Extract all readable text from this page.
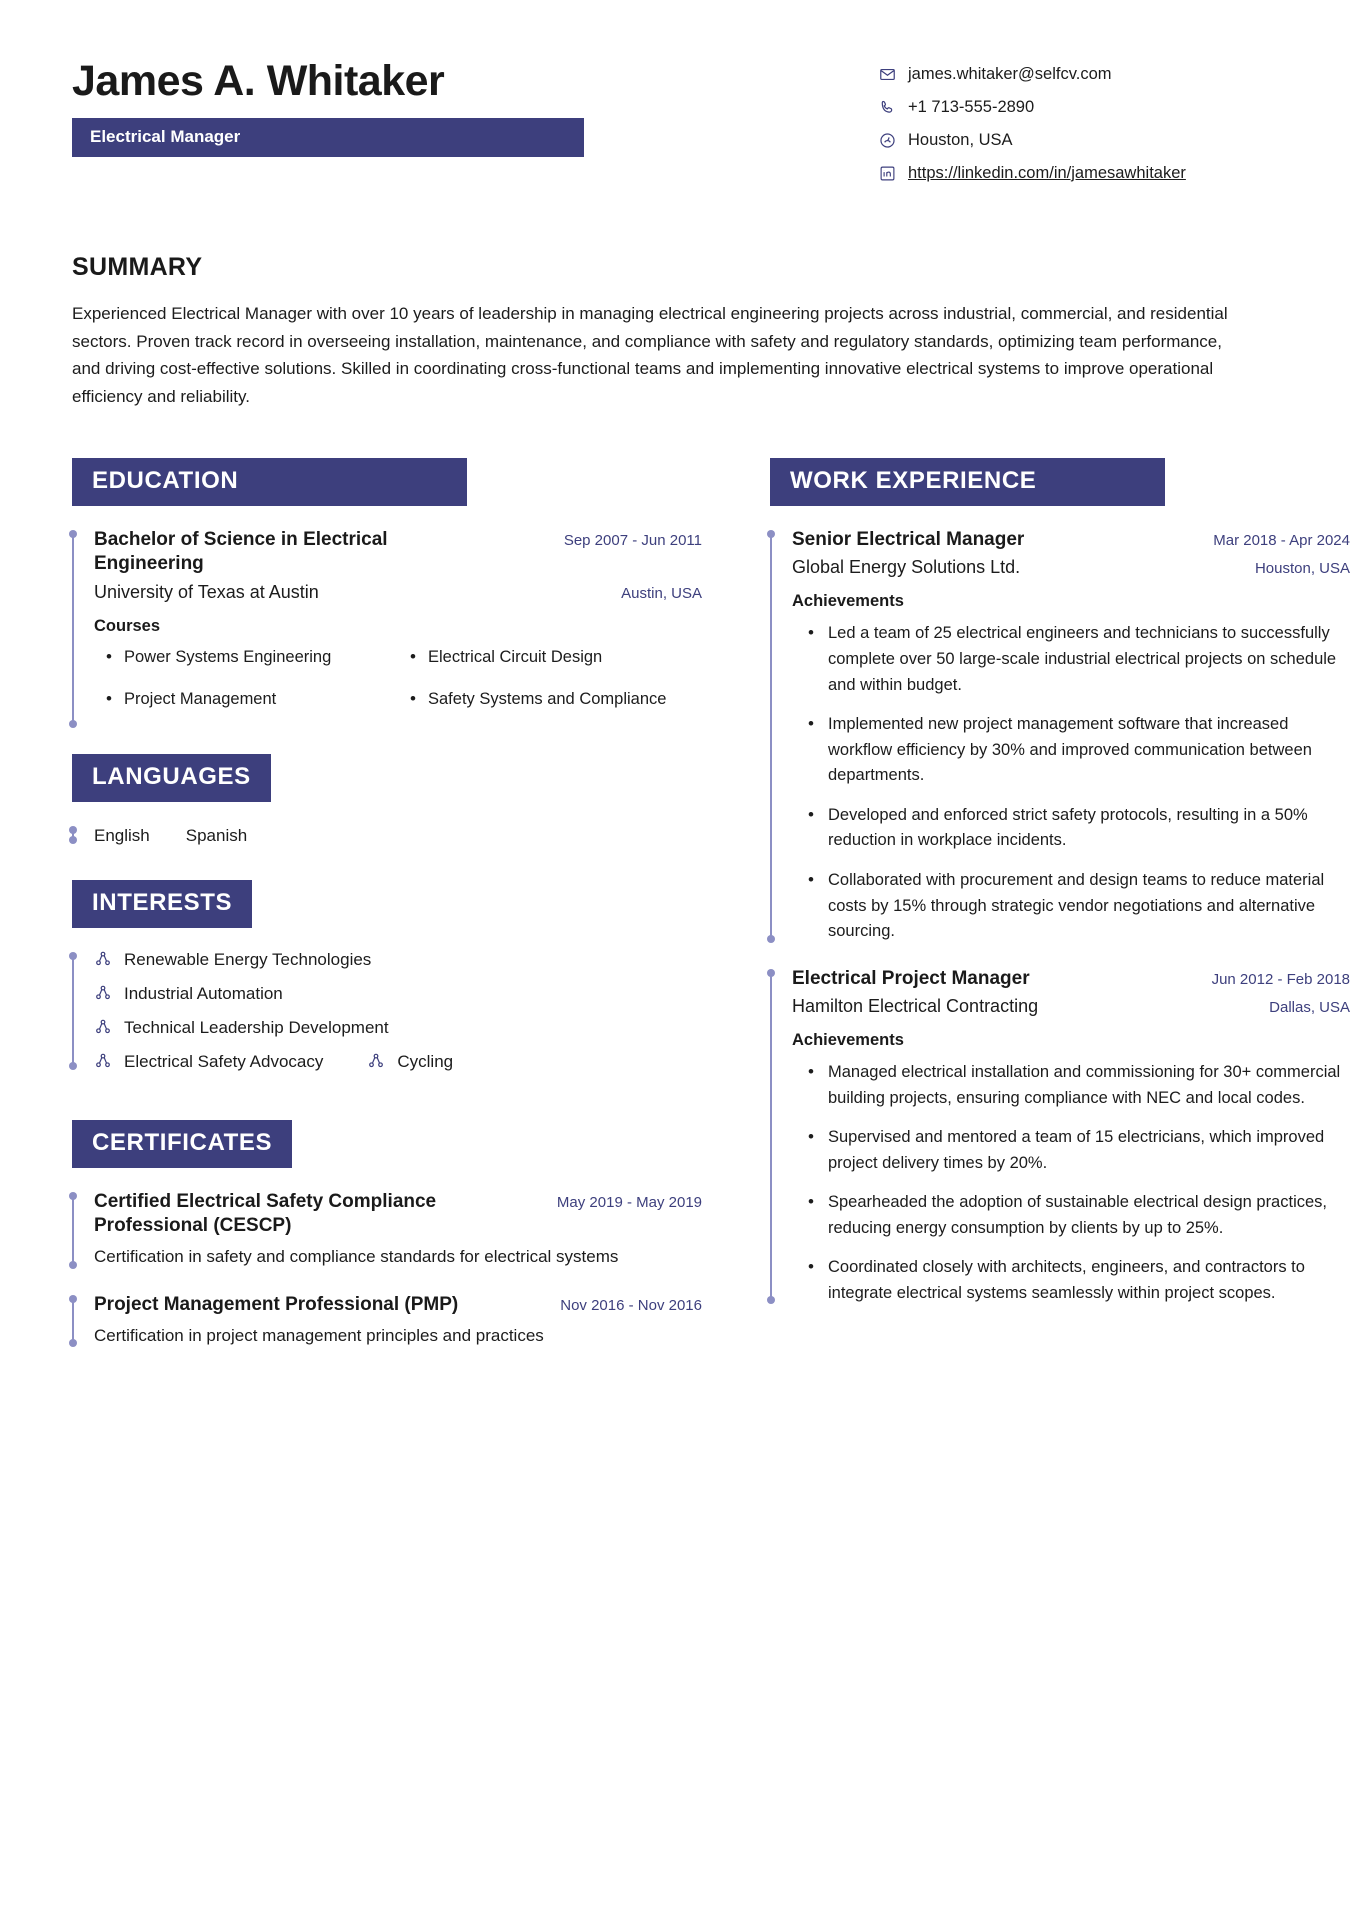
James A. Whitaker
Electrical Manager
james.whitaker@selfcv.com
+1 713-555-2890
Houston, USA
https://linkedin.com/in/jamesawhitaker
SUMMARY
Experienced Electrical Manager with over 10 years of leadership in managing electrical engineering projects across industrial, commercial, and residential sectors. Proven track record in overseeing installation, maintenance, and compliance with safety and regulatory standards, optimizing team performance, and driving cost-effective solutions. Skilled in coordinating cross-functional teams and implementing innovative electrical systems to improve operational efficiency and reliability.
EDUCATION
Bachelor of Science in Electrical Engineering
Sep 2007 - Jun 2011
University of Texas at Austin	Austin, USA
Courses
• Power Systems Engineering	• Electrical Circuit Design
• Project Management	• Safety Systems and Compliance
LANGUAGES
English Spanish
INTERESTS
Renewable Energy Technologies
Industrial Automation
Technical Leadership Development
Electrical Safety Advocacy	Cycling
CERTIFICATES
Certified Electrical Safety Compliance Professional (CESCP)
May 2019 - May 2019
Certification in safety and compliance standards for electrical systems
Project Management Professional (PMP)	Nov 2016 - Nov 2016
Certification in project management principles and practices
WORK EXPERIENCE
Senior Electrical Manager	Mar 2018 - Apr 2024
Global Energy Solutions Ltd.	Houston, USA
Achievements
• Led a team of 25 electrical engineers and technicians to successfully complete over 50 large-scale industrial electrical projects on schedule and within budget.
• Implemented new project management software that increased workflow efficiency by 30% and improved communication between departments.
• Developed and enforced strict safety protocols, resulting in a 50% reduction in workplace incidents.
• Collaborated with procurement and design teams to reduce material costs by 15% through strategic vendor negotiations and alternative sourcing.
Electrical Project Manager	Jun 2012 - Feb 2018
Hamilton Electrical Contracting	Dallas, USA
Achievements
• Managed electrical installation and commissioning for 30+ commercial building projects, ensuring compliance with NEC and local codes.
• Supervised and mentored a team of 15 electricians, which improved project delivery times by 20%.
• Spearheaded the adoption of sustainable electrical design practices, reducing energy consumption by clients by up to 25%.
• Coordinated closely with architects, engineers, and contractors to integrate electrical systems seamlessly within project scopes.
